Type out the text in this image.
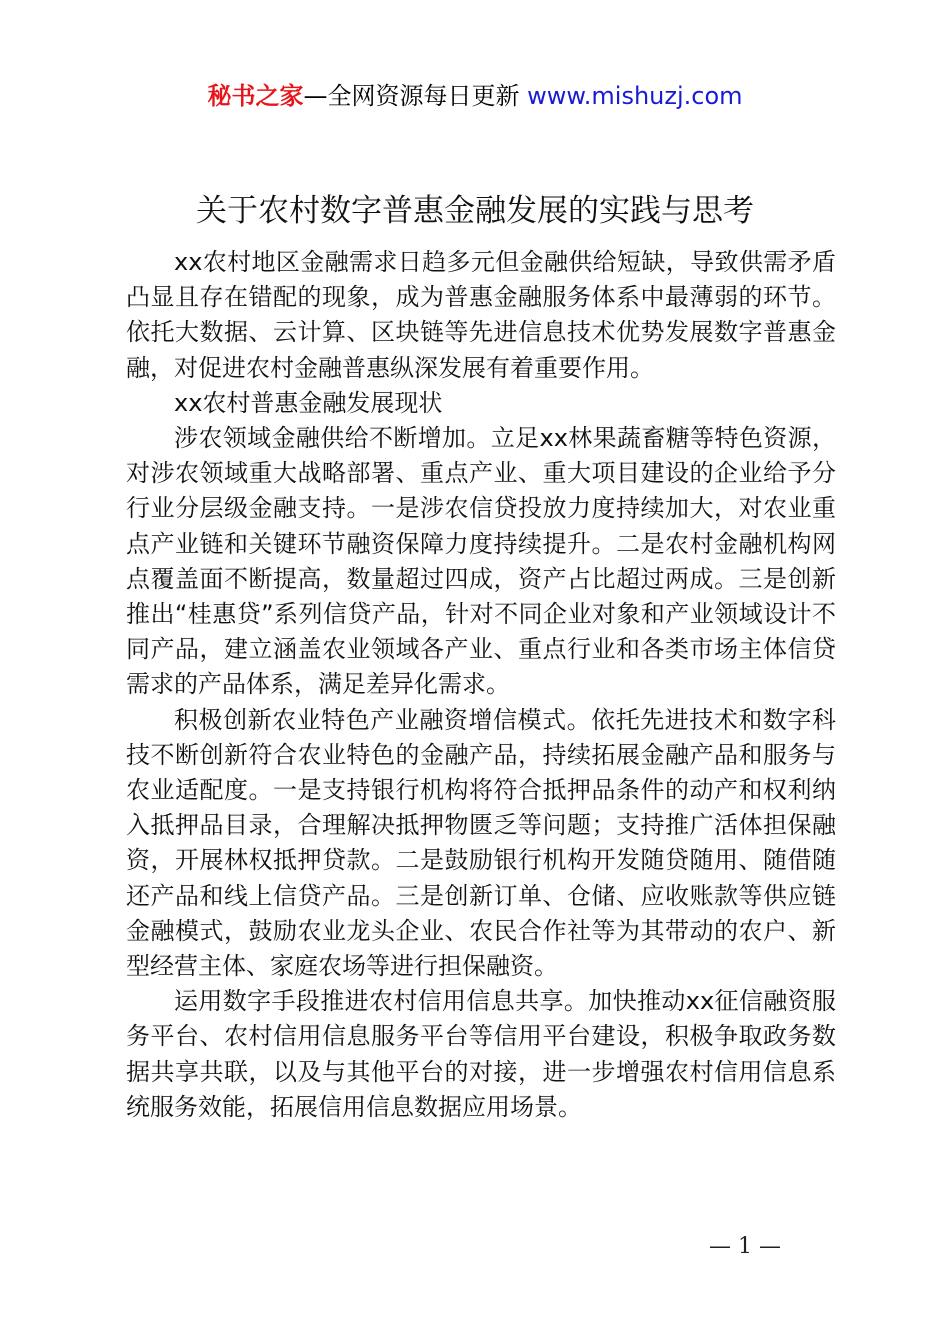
秘书之家—全网资源每日更新 www.mishuzj.com
关于农村数字普惠金融发展的实践与思考

xx农村地区金融需求日趋多元但金融供给短缺，导致供需矛盾凸显且存在错配的现象，成为普惠金融服务体系中最薄弱的环节。依托大数据、云计算、区块链等先进信息技术优势发展数字普惠金融，对促进农村金融普惠纵深发展有着重要作用。

xx农村普惠金融发展现状

涉农领域金融供给不断增加。立足xx林果蔬畜糖等特色资源，对涉农领域重大战略部署、重点产业、重大项目建设的企业给予分行业分层级金融支持。一是涉农信贷投放力度持续加大，对农业重点产业链和关键环节融资保障力度持续提升。二是农村金融机构网点覆盖面不断提高，数量超过四成，资产占比超过两成。三是创新推出“桂惠贷”系列信贷产品，针对不同企业对象和产业领域设计不同产品，建立涵盖农业领域各产业、重点行业和各类市场主体信贷需求的产品体系，满足差异化需求。

积极创新农业特色产业融资增信模式。依托先进技术和数字科技不断创新符合农业特色的金融产品，持续拓展金融产品和服务与农业适配度。一是支持银行机构将符合抵押品条件的动产和权利纳入抵押品目录，合理解决抵押物匮乏等问题；支持推广活体担保融资，开展林权抵押贷款。二是鼓励银行机构开发随贷随用、随借随还产品和线上信贷产品。三是创新订单、仓储、应收账款等供应链金融模式，鼓励农业龙头企业、农民合作社等为其带动的农户、新型经营主体、家庭农场等进行担保融资。

运用数字手段推进农村信用信息共享。加快推动xx征信融资服务平台、农村信用信息服务平台等信用平台建设，积极争取政务数据共享共联，以及与其他平台的对接，进一步增强农村信用信息系统服务效能，拓展信用信息数据应用场景。

— 1 —
